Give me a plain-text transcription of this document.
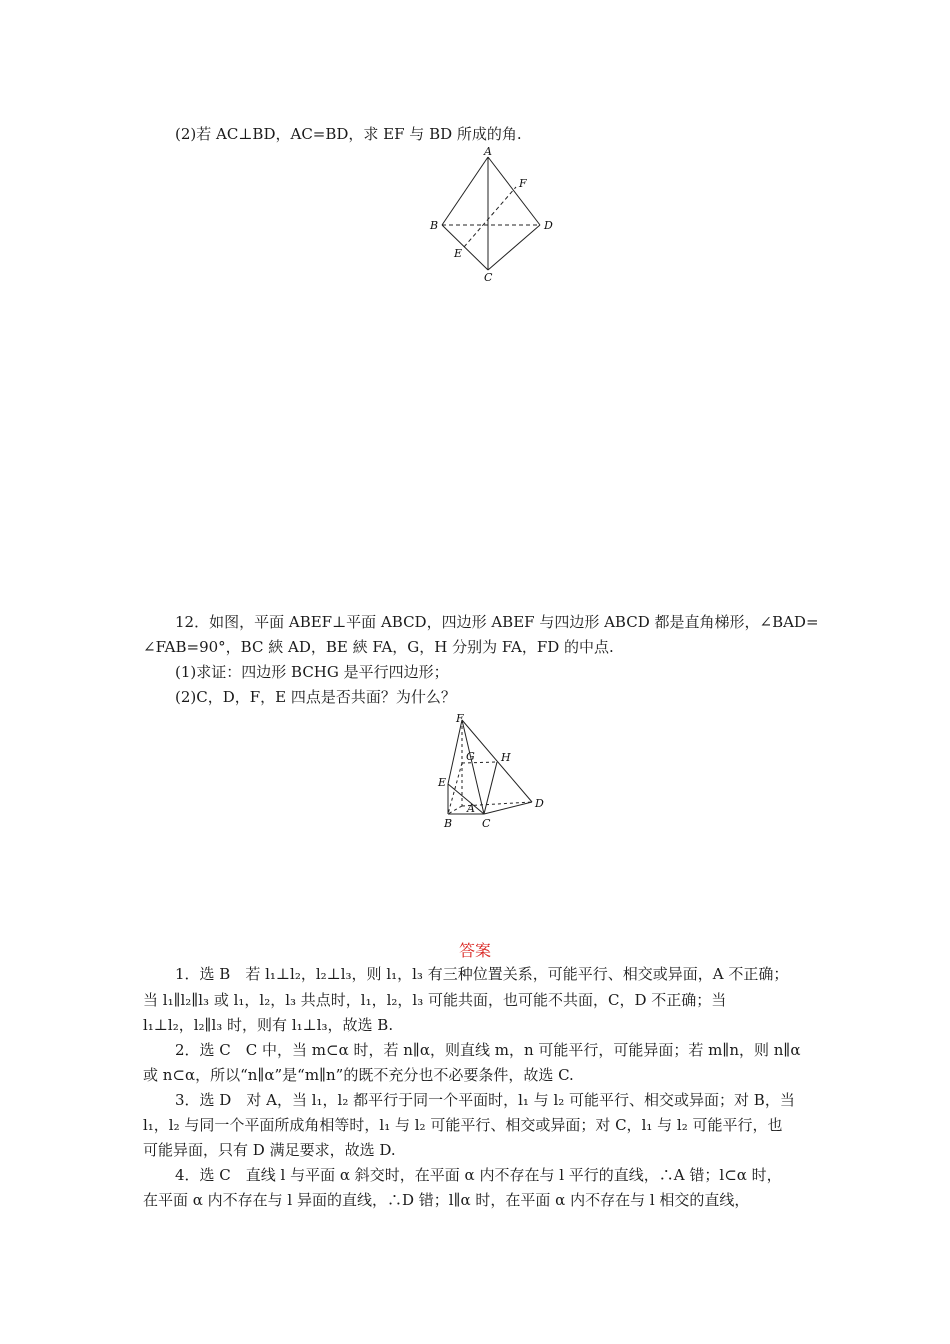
(2)若 AC⊥BD，AC=BD，求 EF 与 BD 所成的角.
A
B
C
D
E
F
12．如图，平面 ABEF⊥平面 ABCD，四边形 ABEF 与四边形 ABCD 都是直角梯形，∠BAD=
∠FAB=90°，BC 綊 AD，BE 綊 FA，G，H 分别为 FA，FD 的中点.
(1)求证：四边形 BCHG 是平行四边形；
(2)C，D，F，E 四点是否共面？为什么？
F
G H
E
A
B	C
D
答案
1．选 B　若 l₁⊥l₂，l₂⊥l₃，则 l₁，l₃ 有三种位置关系，可能平行、相交或异面，A 不正确；
当 l₁∥l₂∥l₃ 或 l₁，l₂，l₃ 共点时，l₁，l₂，l₃ 可能共面，也可能不共面，C，D 不正确；当
l₁⊥l₂，l₂∥l₃ 时，则有 l₁⊥l₃，故选 B.
2．选 C　C 中，当 m⊂α 时，若 n∥α，则直线 m，n 可能平行，可能异面；若 m∥n，则 n∥α
或 n⊂α，所以“n∥α”是“m∥n”的既不充分也不必要条件，故选 C.
3．选 D　对 A，当 l₁，l₂ 都平行于同一个平面时，l₁ 与 l₂ 可能平行、相交或异面；对 B，当
l₁，l₂ 与同一个平面所成角相等时，l₁ 与 l₂ 可能平行、相交或异面；对 C，l₁ 与 l₂ 可能平行，也
可能异面，只有 D 满足要求，故选 D.
4．选 C　直线 l 与平面 α 斜交时，在平面 α 内不存在与 l 平行的直线，∴A 错；l⊂α 时，
在平面 α 内不存在与 l 异面的直线，∴D 错；l∥α 时，在平面 α 内不存在与 l 相交的直线，
